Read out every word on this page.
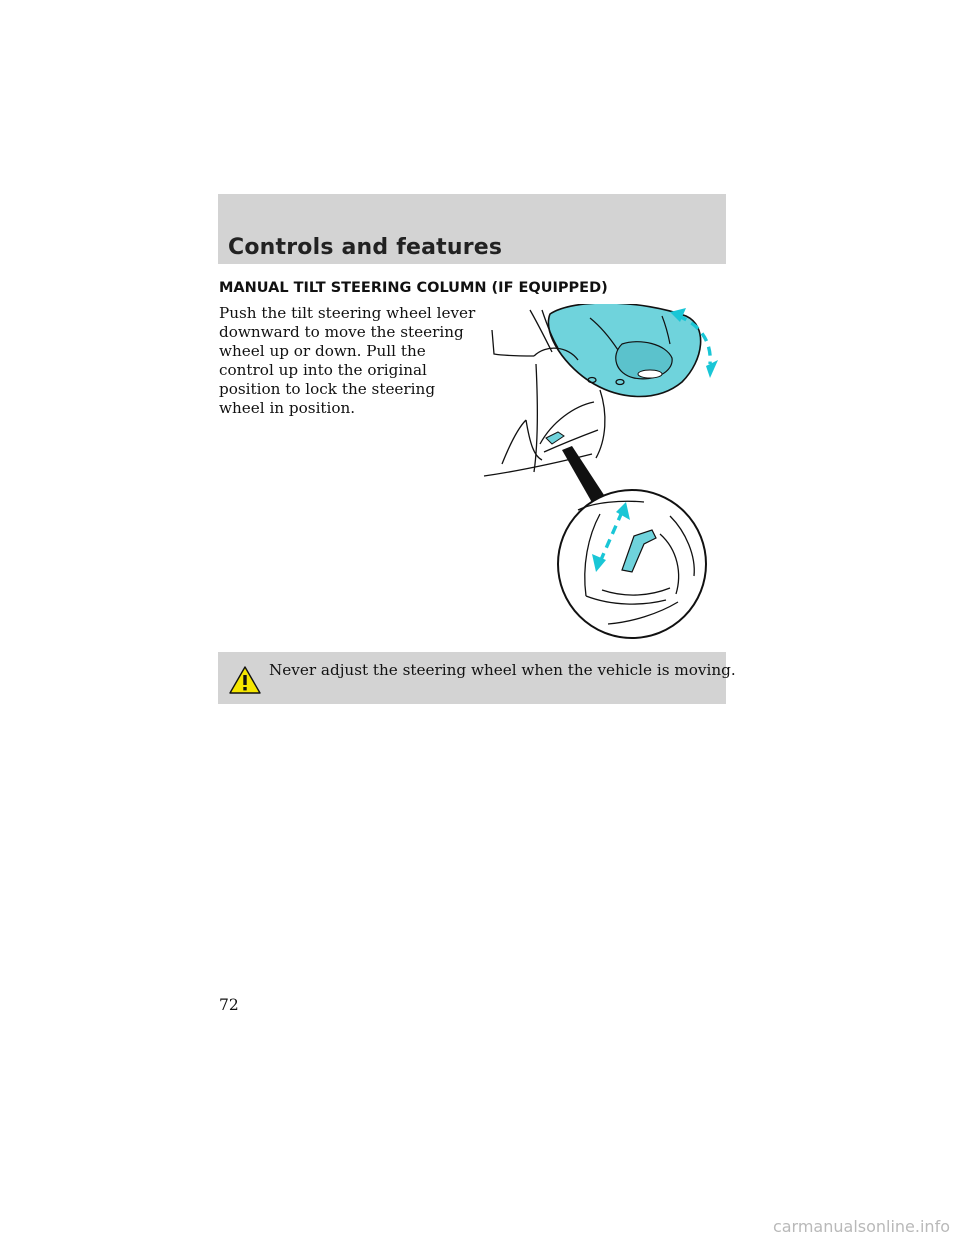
Controls and features
MANUAL TILT STEERING COLUMN (IF EQUIPPED)
Push the tilt steering wheel lever downward to move the steering wheel up or down. Pull the control up into the original position to lock the steering wheel in position.
Never adjust the steering wheel when the vehicle is moving.
72
carmanualsonline.info
